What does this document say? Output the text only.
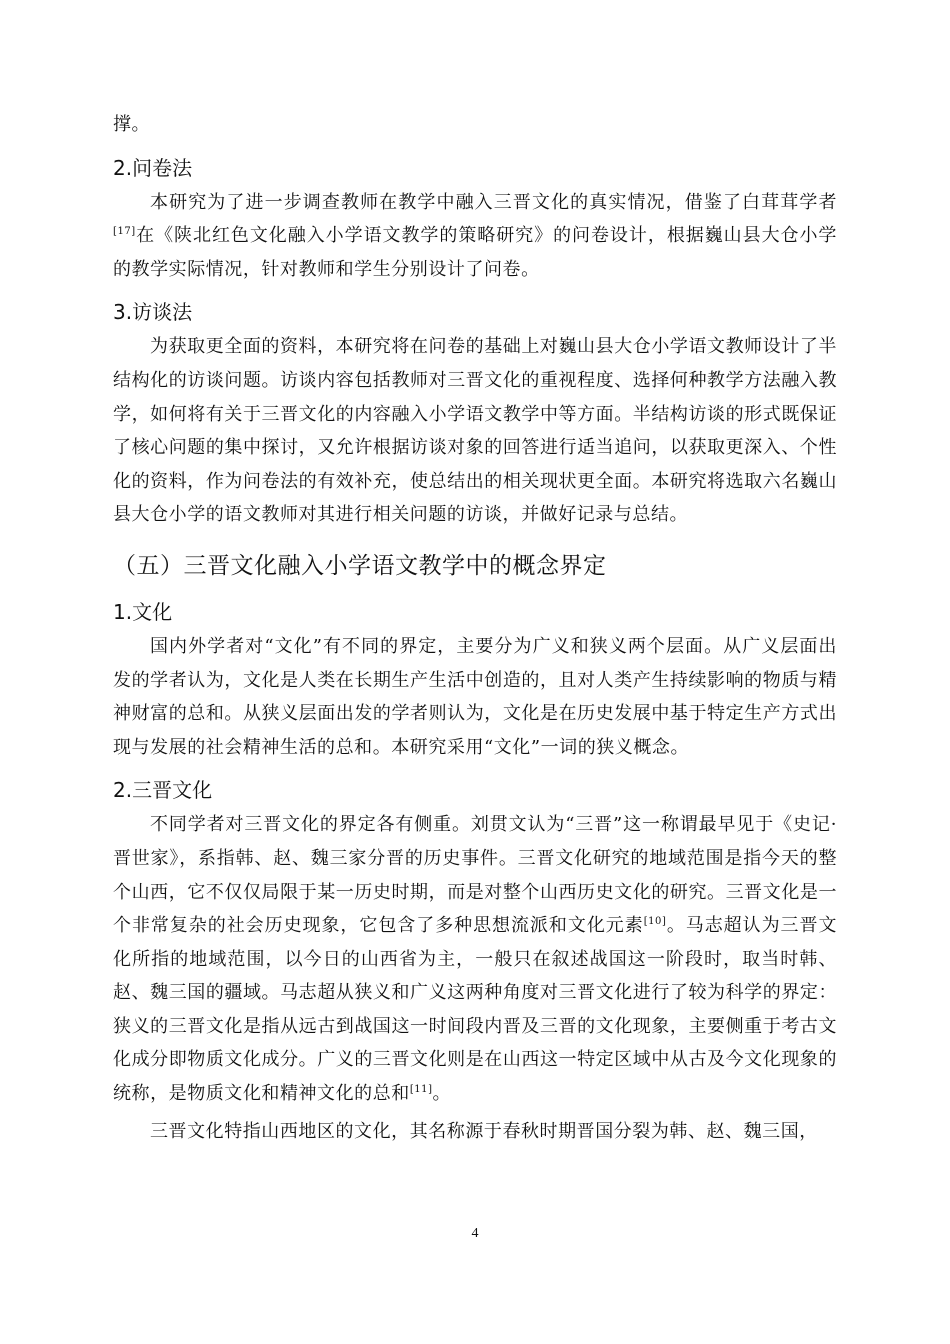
撑。

2.问卷法

本研究为了进一步调查教师在教学中融入三晋文化的真实情况，借鉴了白茸茸学者[17]在《陕北红色文化融入小学语文教学的策略研究》的问卷设计，根据巍山县大仓小学的教学实际情况，针对教师和学生分别设计了问卷。

3.访谈法

为获取更全面的资料，本研究将在问卷的基础上对巍山县大仓小学语文教师设计了半结构化的访谈问题。访谈内容包括教师对三晋文化的重视程度、选择何种教学方法融入教学，如何将有关于三晋文化的内容融入小学语文教学中等方面。半结构访谈的形式既保证了核心问题的集中探讨，又允许根据访谈对象的回答进行适当追问，以获取更深入、个性化的资料，作为问卷法的有效补充，使总结出的相关现状更全面。本研究将选取六名巍山县大仓小学的语文教师对其进行相关问题的访谈，并做好记录与总结。

（五）三晋文化融入小学语文教学中的概念界定
1.文化

国内外学者对“文化”有不同的界定，主要分为广义和狭义两个层面。从广义层面出发的学者认为，文化是人类在长期生产生活中创造的，且对人类产生持续影响的物质与精神财富的总和。从狭义层面出发的学者则认为，文化是在历史发展中基于特定生产方式出现与发展的社会精神生活的总和。本研究采用“文化”一词的狭义概念。

2.三晋文化

不同学者对三晋文化的界定各有侧重。刘贯文认为“三晋”这一称谓最早见于《史记·晋世家》，系指韩、赵、魏三家分晋的历史事件。三晋文化研究的地域范围是指今天的整个山西，它不仅仅局限于某一历史时期，而是对整个山西历史文化的研究。三晋文化是一个非常复杂的社会历史现象，它包含了多种思想流派和文化元素[10]。马志超认为三晋文化所指的地域范围，以今日的山西省为主，一般只在叙述战国这一阶段时，取当时韩、赵、魏三国的疆域。马志超从狭义和广义这两种角度对三晋文化进行了较为科学的界定：狭义的三晋文化是指从远古到战国这一时间段内晋及三晋的文化现象，主要侧重于考古文化成分即物质文化成分。广义的三晋文化则是在山西这一特定区域中从古及今文化现象的统称，是物质文化和精神文化的总和[11]。

三晋文化特指山西地区的文化，其名称源于春秋时期晋国分裂为韩、赵、魏三国，

4
